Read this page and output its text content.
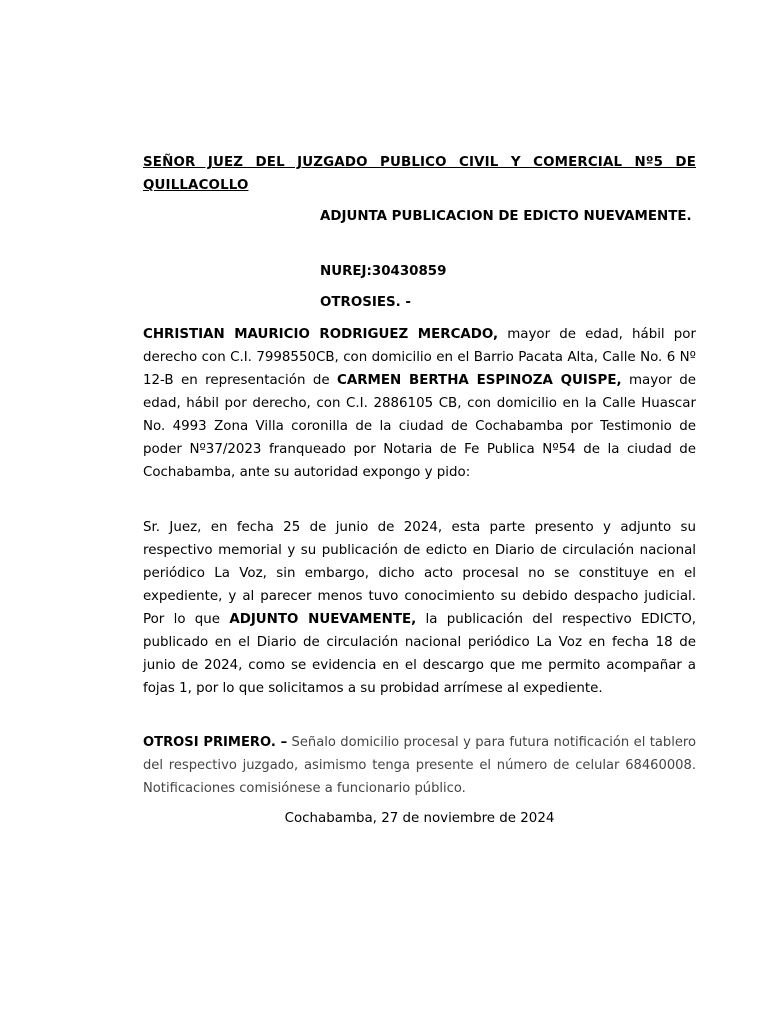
SEÑOR JUEZ DEL JUZGADO PUBLICO CIVIL Y COMERCIAL Nº5 DE QUILLACOLLO
ADJUNTA PUBLICACION DE EDICTO NUEVAMENTE.
NUREJ:30430859
OTROSIES. -

CHRISTIAN MAURICIO RODRIGUEZ MERCADO, mayor de edad, hábil por derecho con C.I. 7998550CB, con domicilio en el Barrio Pacata Alta, Calle No. 6 Nº 12-B en representación de CARMEN BERTHA ESPINOZA QUISPE, mayor de edad, hábil por derecho, con C.I. 2886105 CB, con domicilio en la Calle Huascar No. 4993 Zona Villa coronilla de la ciudad de Cochabamba por Testimonio de poder Nº37/2023 franqueado por Notaria de Fe Publica Nº54 de la ciudad de Cochabamba, ante su autoridad expongo y pido:

Sr. Juez, en fecha 25 de junio de 2024, esta parte presento y adjunto su respectivo memorial y su publicación de edicto en Diario de circulación nacional periódico La Voz, sin embargo, dicho acto procesal no se constituye en el expediente, y al parecer menos tuvo conocimiento su debido despacho judicial. Por lo que ADJUNTO NUEVAMENTE, la publicación del respectivo EDICTO, publicado en el Diario de circulación nacional periódico La Voz en fecha 18 de junio de 2024, como se evidencia en el descargo que me permito acompañar a fojas 1, por lo que solicitamos a su probidad arrímese al expediente.

OTROSI PRIMERO. – Señalo domicilio procesal y para futura notificación el tablero del respectivo juzgado, asimismo tenga presente el número de celular 68460008. Notificaciones comisiónese a funcionario público.

Cochabamba, 27 de noviembre de 2024
